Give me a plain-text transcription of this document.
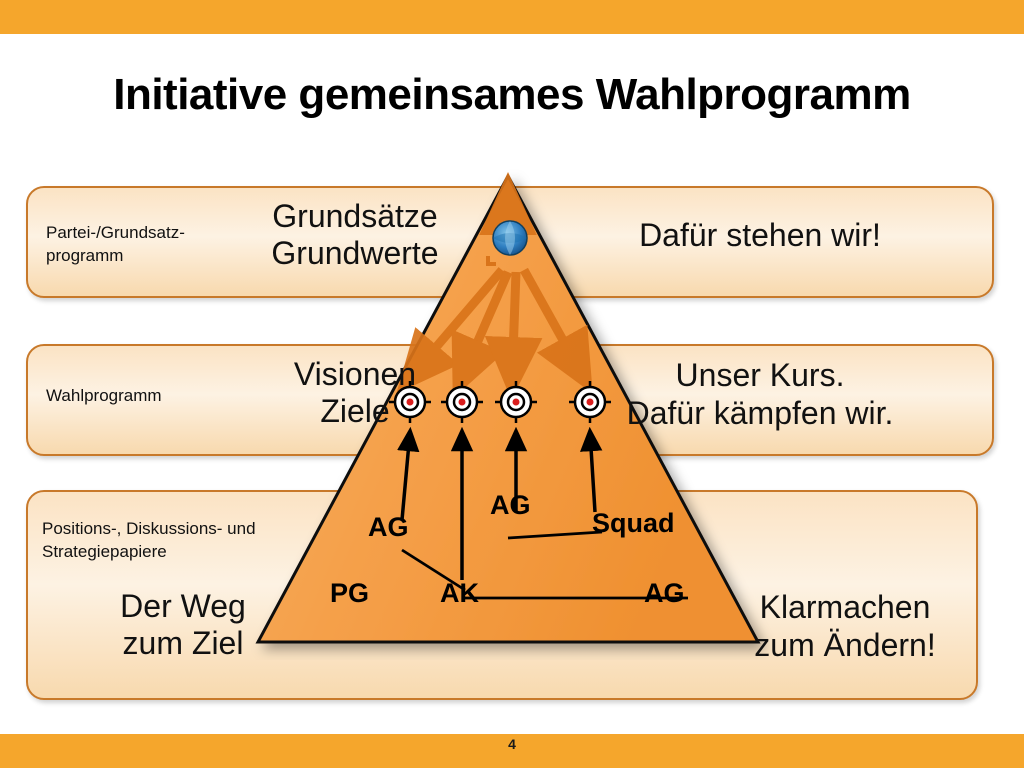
Initiative gemeinsames Wahlprogramm
Partei-/Grundsatz-
programm
Grundsätze
Grundwerte	Dafür stehen wir!
Wahlprogramm
Visionen
Ziele
Unser Kurs.
Dafür kämpfen wir.
Positions-, Diskussions- und
Strategiepapiere
Der Weg
zum Ziel
Klarmachen
zum Ändern!
AG
AG
Squad
PG	AK	AG
4
